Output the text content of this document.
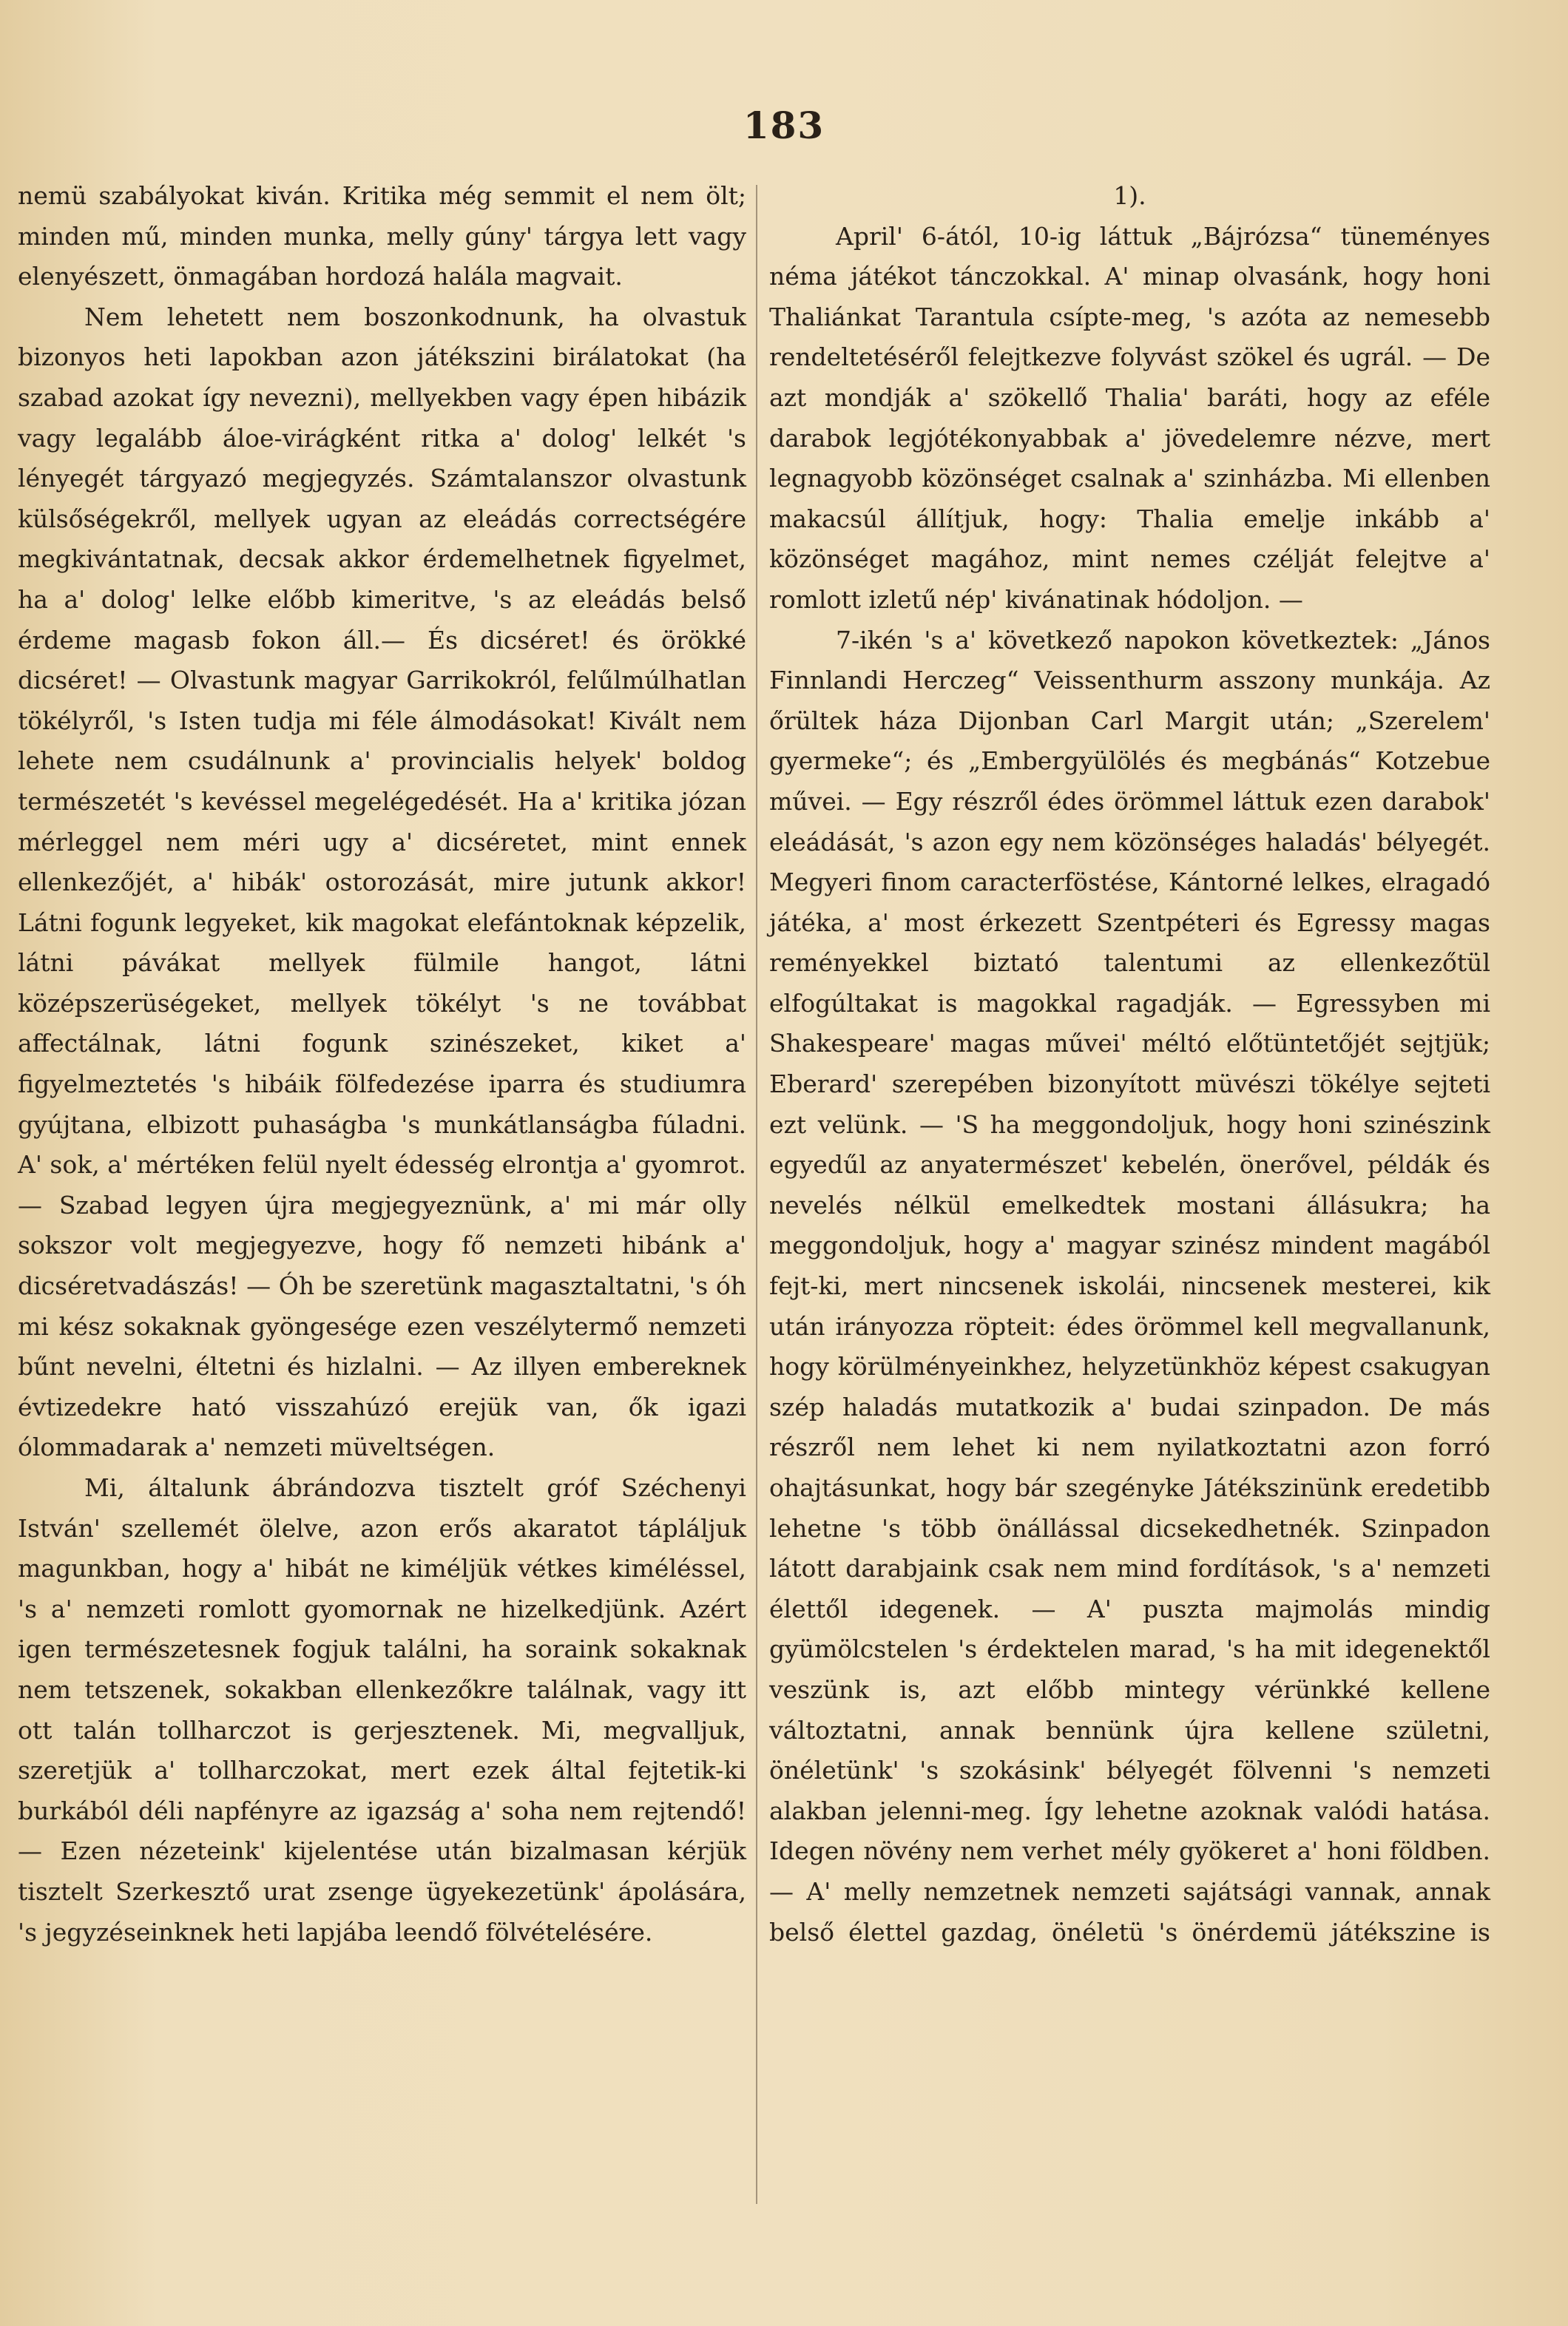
183

nemü szabályokat kiván. Kritika még semmit el nem ölt; minden mű, minden munka, melly gúny' tárgya lett vagy elenyészett, önmagában hordozá halála magvait.

Nem lehetett nem boszonkodnunk, ha olvastuk bizonyos heti lapokban azon játékszini birálatokat (ha szabad azokat így nevezni), mellyekben vagy épen hibázik vagy legalább áloe-virágként ritka a' dolog' lelkét 's lényegét tárgyazó megjegyzés. Számtalanszor olvastunk külsőségekről, mellyek ugyan az eleádás correctségére megkivántatnak, decsak akkor érdemelhetnek figyelmet, ha a' dolog' lelke előbb kimeritve, 's az eleádás belső érdeme magasb fokon áll.— És dicséret! és örökké dicséret! — Olvastunk magyar Garrikokról, felűlmúlhatlan tökélyről, 's Isten tudja mi féle álmodásokat! Kivált nem lehete nem csudálnunk a' provincialis helyek' boldog természetét 's kevéssel megelégedését. Ha a' kritika józan mérleggel nem méri ugy a' dicséretet, mint ennek ellenkezőjét, a' hibák' ostorozását, mire jutunk akkor! Látni fogunk legyeket, kik magokat elefántoknak képzelik, látni pávákat mellyek fülmile hangot, látni középszerüségeket, mellyek tökélyt 's ne továbbat affectálnak, látni fogunk szinészeket, kiket a' figyelmeztetés 's hibáik fölfedezése iparra és studiumra gyújtana, elbizott puhaságba 's munkátlanságba fúladni. A' sok, a' mértéken felül nyelt édesség elrontja a' gyomrot. — Szabad legyen újra megjegyeznünk, a' mi már olly sokszor volt megjegyezve, hogy fő nemzeti hibánk a' dicséretvadászás! — Óh be szeretünk magasztaltatni, 's óh mi kész sokaknak gyöngesége ezen veszélytermő nemzeti bűnt nevelni, éltetni és hizlalni. — Az illyen embereknek évtizedekre ható visszahúzó erejük van, ők igazi ólommadarak a' nemzeti müveltségen.

Mi, általunk ábrándozva tisztelt gróf Széchenyi István' szellemét ölelve, azon erős akaratot tápláljuk magunkban, hogy a' hibát ne kiméljük vétkes kiméléssel, 's a' nemzeti romlott gyomornak ne hizelkedjünk. Azért igen természetesnek fogjuk találni, ha soraink sokaknak nem tetszenek, sokakban ellenkezőkre találnak, vagy itt ott talán tollharczot is gerjesztenek. Mi, megvalljuk, szeretjük a' tollharczokat, mert ezek által fejtetik-ki burkából déli napfényre az igazság a' soha nem rejtendő! — Ezen nézeteink' kijelentése után bizalmasan kérjük tisztelt Szerkesztő urat zsenge ügyekezetünk' ápolására, 's jegyzéseinknek heti lapjába leendő fölvételésére.

1).

April' 6-ától, 10-ig láttuk „Bájrózsa“ tüneményes néma játékot tánczokkal. A' minap olvasánk, hogy honi Thaliánkat Tarantula csípte-meg, 's azóta az nemesebb rendeltetéséről felejtkezve folyvást szökel és ugrál. — De azt mondják a' szökellő Thalia' baráti, hogy az eféle darabok legjótékonyabbak a' jövedelemre nézve, mert legnagyobb közönséget csalnak a' szinházba. Mi ellenben makacsúl állítjuk, hogy: Thalia emelje inkább a' közönséget magához, mint nemes czélját felejtve a' romlott izletű nép' kivánatinak hódoljon. —

7-ikén 's a' következő napokon következtek: „János Finnlandi Herczeg“ Veissenthurm asszony munkája. Az őrültek háza Dijonban Carl Margit után; „Szerelem' gyermeke“; és „Embergyülölés és megbánás“ Kotzebue művei. — Egy részről édes örömmel láttuk ezen darabok' eleádását, 's azon egy nem közönséges haladás' bélyegét. Megyeri finom caracterföstése, Kántorné lelkes, elragadó játéka, a' most érkezett Szentpéteri és Egressy magas reményekkel biztató talentumi az ellenkezőtül elfogúltakat is magokkal ragadják. — Egressyben mi Shakespeare' magas művei' méltó előtüntetőjét sejtjük; Eberard' szerepében bizonyított müvészi tökélye sejteti ezt velünk. — 'S ha meggondoljuk, hogy honi szinészink egyedűl az anyatermészet' kebelén, önerővel, példák és nevelés nélkül emelkedtek mostani állásukra; ha meggondoljuk, hogy a' magyar szinész mindent magából fejt-ki, mert nincsenek iskolái, nincsenek mesterei, kik után irányozza röpteit: édes örömmel kell megvallanunk, hogy körülményeinkhez, helyzetünkhöz képest csakugyan szép haladás mutatkozik a' budai szinpadon. De más részről nem lehet ki nem nyilatkoztatni azon forró ohajtásunkat, hogy bár szegényke Játékszinünk eredetibb lehetne 's több önállással dicsekedhetnék. Szinpadon látott darabjaink csak nem mind fordítások, 's a' nemzeti élettől idegenek. — A' puszta majmolás mindig gyümölcstelen 's érdektelen marad, 's ha mit idegenektől veszünk is, azt előbb mintegy vérünkké kellene változtatni, annak bennünk újra kellene születni, önéletünk' 's szokásink' bélyegét fölvenni 's nemzeti alakban jelenni-meg. Így lehetne azoknak valódi hatása. Idegen növény nem verhet mély gyökeret a' honi földben. — A' melly nemzetnek nemzeti sajátsági vannak, annak belső élettel gazdag, önéletü 's önérdemü játékszine is
